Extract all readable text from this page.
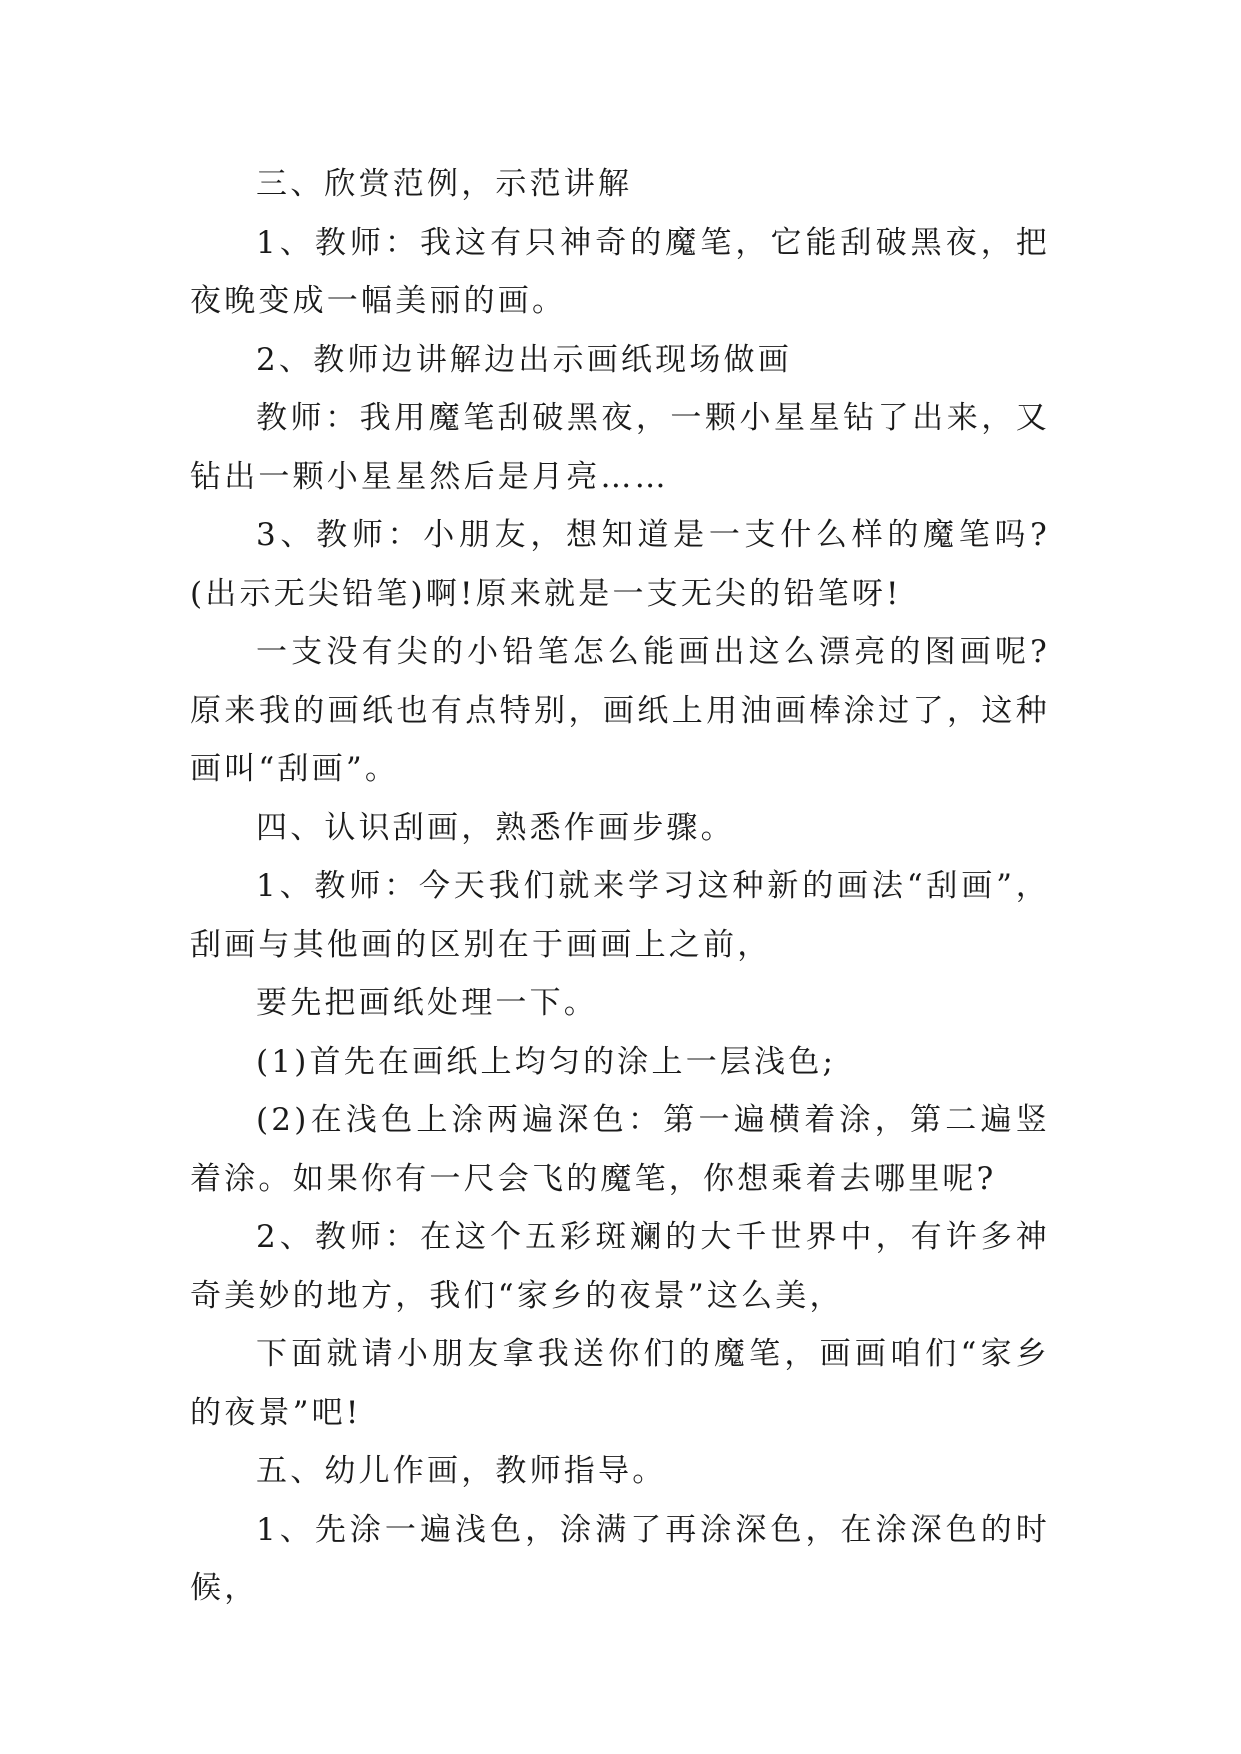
三、欣赏范例，示范讲解

1、教师：我这有只神奇的魔笔，它能刮破黑夜，把夜晚变成一幅美丽的画。

2、教师边讲解边出示画纸现场做画

教师：我用魔笔刮破黑夜，一颗小星星钻了出来，又钻出一颗小星星然后是月亮……

3、教师：小朋友，想知道是一支什么样的魔笔吗?(出示无尖铅笔)啊!原来就是一支无尖的铅笔呀!

一支没有尖的小铅笔怎么能画出这么漂亮的图画呢?原来我的画纸也有点特别，画纸上用油画棒涂过了，这种画叫“刮画”。

四、认识刮画，熟悉作画步骤。

1、教师：今天我们就来学习这种新的画法“刮画”，刮画与其他画的区别在于画画上之前，

要先把画纸处理一下。

(1)首先在画纸上均匀的涂上一层浅色;

(2)在浅色上涂两遍深色：第一遍横着涂，第二遍竖着涂。如果你有一尺会飞的魔笔，你想乘着去哪里呢?

2、教师：在这个五彩斑斓的大千世界中，有许多神奇美妙的地方，我们“家乡的夜景”这么美，

下面就请小朋友拿我送你们的魔笔，画画咱们“家乡的夜景”吧!

五、幼儿作画，教师指导。

1、先涂一遍浅色，涂满了再涂深色，在涂深色的时候，
